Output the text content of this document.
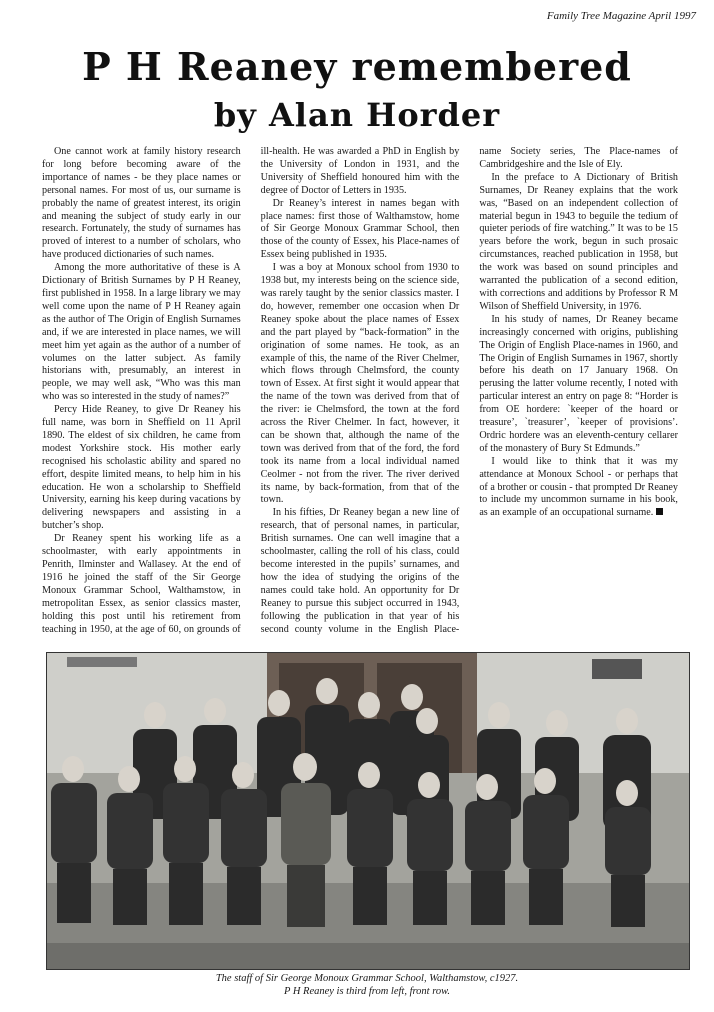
Family Tree Magazine April 1997
P H Reaney remembered
by Alan Horder

One cannot work at family history research for long before becoming aware of the importance of names - be they place names or personal names. For most of us, our surname is probably the name of greatest interest, its origin and meaning the subject of study early in our research. Fortunately, the study of surnames has proved of interest to a number of scholars, who have produced dictionaries of such names.

Among the more authoritative of these is A Dictionary of British Surnames by P H Reaney, first published in 1958. In a large library we may well come upon the name of P H Reaney again as the author of The Origin of English Surnames and, if we are interested in place names, we will meet him yet again as the author of a number of volumes on the latter subject. As family historians with, presumably, an interest in people, we may well ask, “Who was this man who was so interested in the study of names?”

Percy Hide Reaney, to give Dr Reaney his full name, was born in Sheffield on 11 April 1890. The eldest of six children, he came from modest Yorkshire stock. His mother early recognised his scholastic ability and spared no effort, despite limited means, to help him in his education. He won a scholarship to Sheffield University, earning his keep during vacations by delivering newspapers and assisting in a butcher’s shop.

Dr Reaney spent his working life as a schoolmaster, with early appointments in Penrith, Ilminster and Wallasey. At the end of 1916 he joined the staff of the Sir George Monoux Grammar School, Walthamstow, in metropolitan Essex, as senior classics master, holding this post until his retirement from teaching in 1950, at the age of 60, on grounds of ill-health. He was awarded a PhD in English by the University of London in 1931, and the University of Sheffield honoured him with the degree of Doctor of Letters in 1935.

Dr Reaney’s interest in names began with place names: first those of Walthamstow, home of Sir George Monoux Grammar School, then those of the county of Essex, his Place-names of Essex being published in 1935.

I was a boy at Monoux school from 1930 to 1938 but, my interests being on the science side, was rarely taught by the senior classics master. I do, however, remember one occasion when Dr Reaney spoke about the place names of Essex and the part played by “back-formation” in the origination of some names. He took, as an example of this, the name of the River Chelmer, which flows through Chelmsford, the county town of Essex. At first sight it would appear that the name of the town was derived from that of the river: ie Chelmsford, the town at the ford across the River Chelmer. In fact, however, it can be shown that, although the name of the town was derived from that of the ford, the ford took its name from a local individual named Ceolmer - not from the river. The river derived its name, by back-formation, from that of the town.

In his fifties, Dr Reaney began a new line of research, that of personal names, in particular, British surnames. One can well imagine that a schoolmaster, calling the roll of his class, could become interested in the pupils’ surnames, and how the idea of studying the origins of the names could take hold. An opportunity for Dr Reaney to pursue this subject occurred in 1943, following the publication in that year of his second county volume in the English Place-name Society series, The Place-names of Cambridgeshire and the Isle of Ely.

In the preface to A Dictionary of British Surnames, Dr Reaney explains that the work was, “Based on an independent collection of material begun in 1943 to beguile the tedium of quieter periods of fire watching.” It was to be 15 years before the work, begun in such prosaic circumstances, reached publication in 1958, but the work was based on sound principles and warranted the publication of a second edition, with corrections and additions by Professor R M Wilson of Sheffield University, in 1976.

In his study of names, Dr Reaney became increasingly concerned with origins, publishing The Origin of English Place-names in 1960, and The Origin of English Surnames in 1967, shortly before his death on 17 January 1968. On perusing the latter volume recently, I noted with particular interest an entry on page 8: “Horder is from OE hordere: `keeper of the hoard or treasure’, `treasurer’, `keeper of provisions’. Ordric hordere was an eleventh-century cellarer of the monastery of Bury St Edmunds.”

I would like to think that it was my attendance at Monoux School - or perhaps that of a brother or cousin - that prompted Dr Reaney to include my uncommon surname in his book, as an example of an occupational surname.

The staff of Sir George Monoux Grammar School, Walthamstow, c1927.
P H Reaney is third from left, front row.
